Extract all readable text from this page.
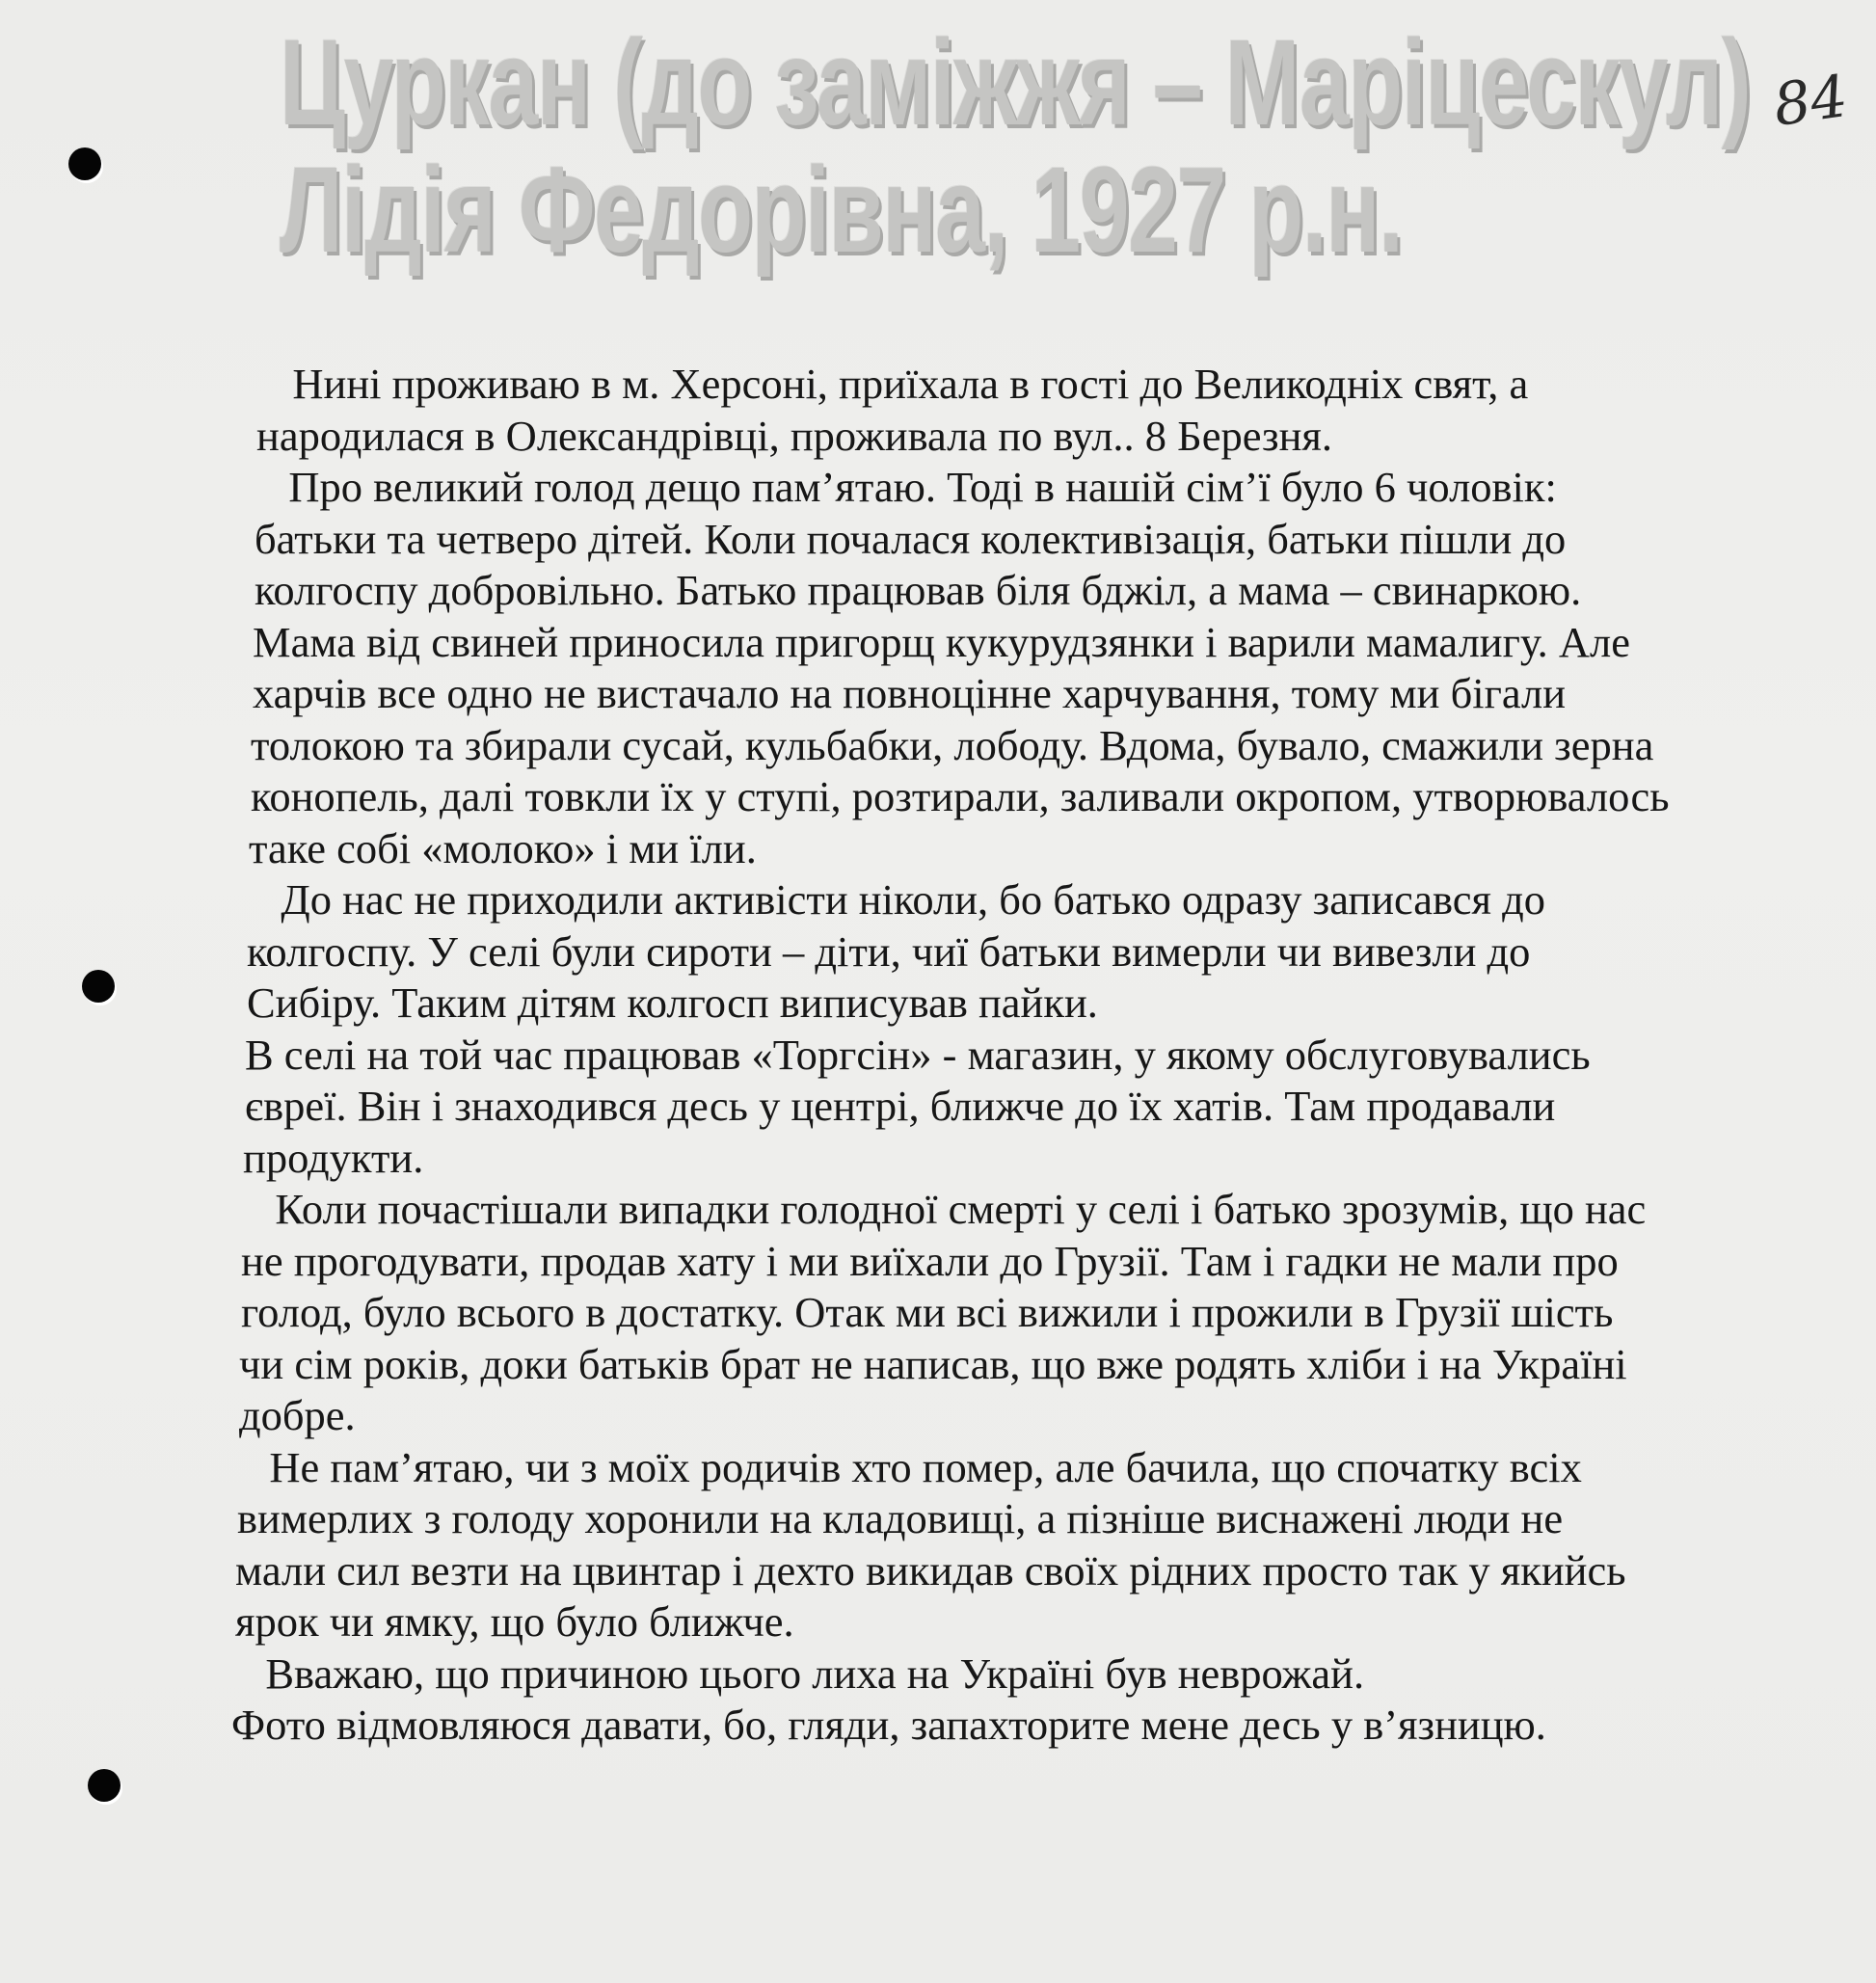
Цуркан (до заміжжя – Маріцескул)
Лідія Федорівна, 1927 р.н.
84
Нині проживаю в м. Херсоні, приїхала в гості до Великодніх свят, а
народилася в Олександрівці, проживала по вул.. 8 Березня.
Про великий голод дещо пам’ятаю. Тоді в нашій сім’ї було 6 чоловік:
батьки та четверо дітей. Коли почалася колективізація, батьки пішли до
колгоспу добровільно. Батько працював біля бджіл, а мама – свинаркою.
Мама від свиней приносила пригорщ кукурудзянки і варили мамалигу. Але
харчів все одно не вистачало на повноцінне харчування, тому ми бігали
толокою та збирали сусай, кульбабки, лободу. Вдома, бувало, смажили зерна
конопель, далі товкли їх у ступі, розтирали, заливали окропом, утворювалось
таке собі «молоко» і ми їли.
До нас не приходили активісти ніколи, бо батько одразу записався до
колгоспу. У селі були сироти – діти, чиї батьки вимерли чи вивезли до
Сибіру. Таким дітям колгосп виписував пайки.
В селі на той час працював «Торгсін» - магазин, у якому обслуговувались
євреї. Він і знаходився десь у центрі, ближче до їх хатів. Там продавали
продукти.
Коли почастішали випадки голодної смерті у селі і батько зрозумів, що нас
не прогодувати, продав хату і ми виїхали до Грузії. Там і гадки не мали про
голод, було всього в достатку. Отак ми всі вижили і прожили в Грузії шість
чи сім років, доки батьків брат не написав, що вже родять хліби і на Україні
добре.
Не пам’ятаю, чи з моїх родичів хто помер, але бачила, що спочатку всіх
вимерлих з голоду хоронили на кладовищі, а пізніше виснажені люди не
мали сил везти на цвинтар і дехто викидав своїх рідних просто так у якийсь
ярок чи ямку, що було ближче.
Вважаю, що причиною цього лиха на Україні був неврожай.
Фото відмовляюся давати, бо, гляди, запахторите мене десь у в’язницю.
